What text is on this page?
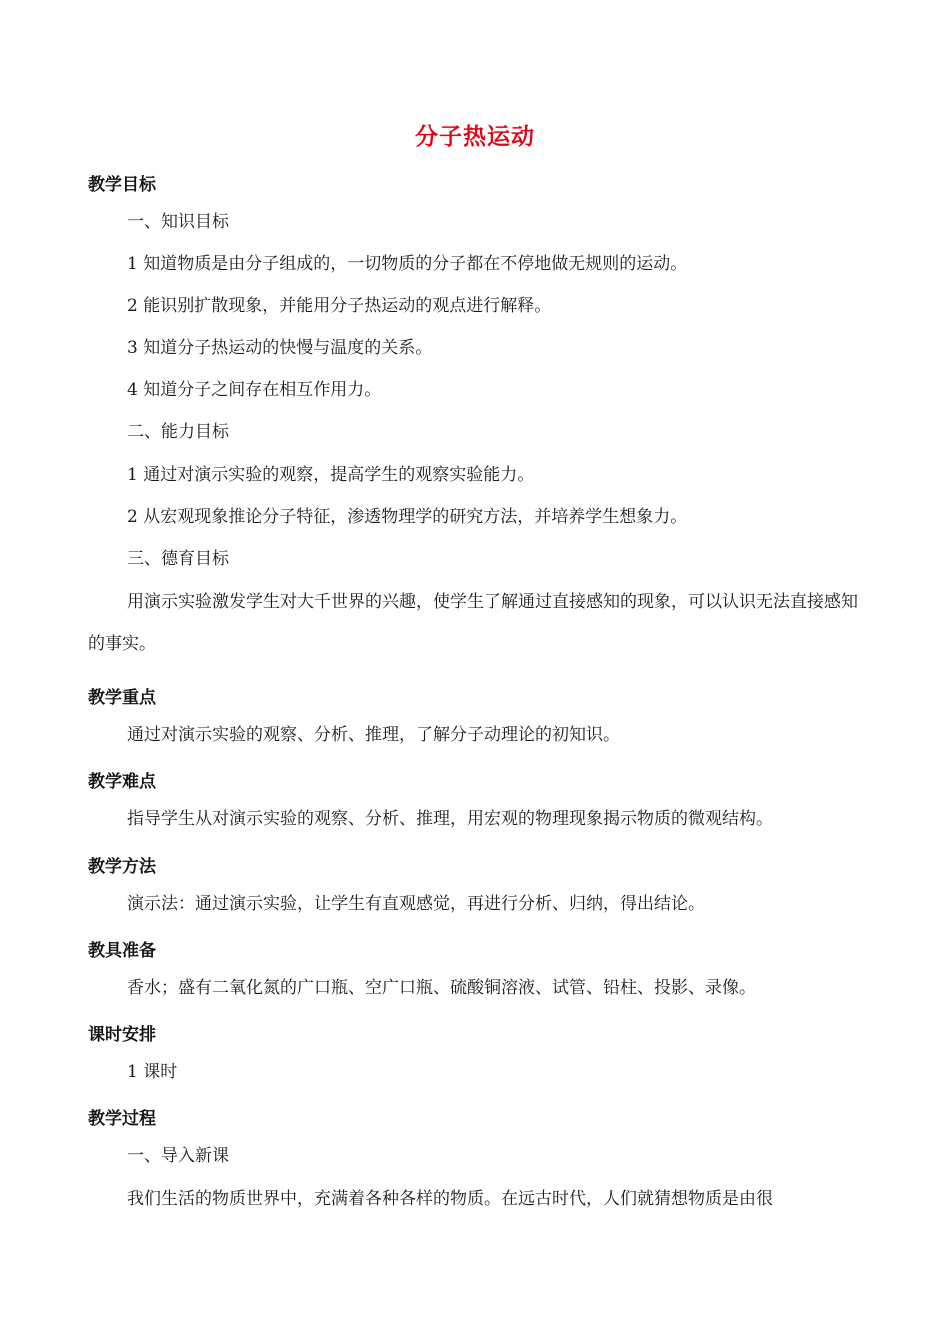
分子热运动
教学目标
一、知识目标
1 知道物质是由分子组成的，一切物质的分子都在不停地做无规则的运动。
2 能识别扩散现象，并能用分子热运动的观点进行解释。
3 知道分子热运动的快慢与温度的关系。
4 知道分子之间存在相互作用力。
二、能力目标
1 通过对演示实验的观察，提高学生的观察实验能力。
2 从宏观现象推论分子特征，渗透物理学的研究方法，并培养学生想象力。
三、德育目标

用演示实验激发学生对大千世界的兴趣，使学生了解通过直接感知的现象，可以认识无法直接感知的事实。

教学重点
通过对演示实验的观察、分析、推理，了解分子动理论的初知识。
教学难点
指导学生从对演示实验的观察、分析、推理，用宏观的物理现象揭示物质的微观结构。
教学方法
演示法：通过演示实验，让学生有直观感觉，再进行分析、归纳，得出结论。
教具准备
香水；盛有二氧化氮的广口瓶、空广口瓶、硫酸铜溶液、试管、铅柱、投影、录像。
课时安排
1 课时
教学过程
一、导入新课
我们生活的物质世界中，充满着各种各样的物质。在远古时代，人们就猜想物质是由很
